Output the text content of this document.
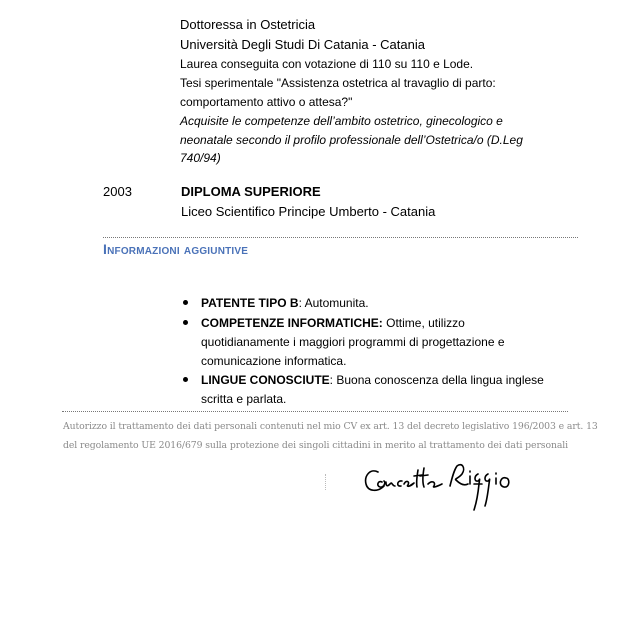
Dottoressa in Ostetricia
Università Degli Studi Di Catania - Catania
Laurea conseguita con votazione di 110 su 110 e Lode.
Tesi sperimentale "Assistenza ostetrica al travaglio di parto:
comportamento attivo o attesa?"
Acquisite le competenze dell’ambito ostetrico, ginecologico e
neonatale secondo il profilo professionale dell’Ostetrica/o (D.Leg
740/94)
2003	DIPLOMA SUPERIORE
Liceo Scientifico Principe Umberto - Catania
Informazioni aggiuntive
PATENTE TIPO B: Automunita.
COMPETENZE INFORMATICHE: Ottime, utilizzo
quotidianamente i maggiori programmi di progettazione e
comunicazione informatica.
LINGUE CONOSCIUTE: Buona conoscenza della lingua inglese
scritta e parlata.
Autorizzo il trattamento dei dati personali contenuti nel mio CV ex art. 13 del decreto legislativo 196/2003 e art. 13
del regolamento UE 2016/679 sulla protezione dei singoli cittadini in merito al trattamento dei dati personali
